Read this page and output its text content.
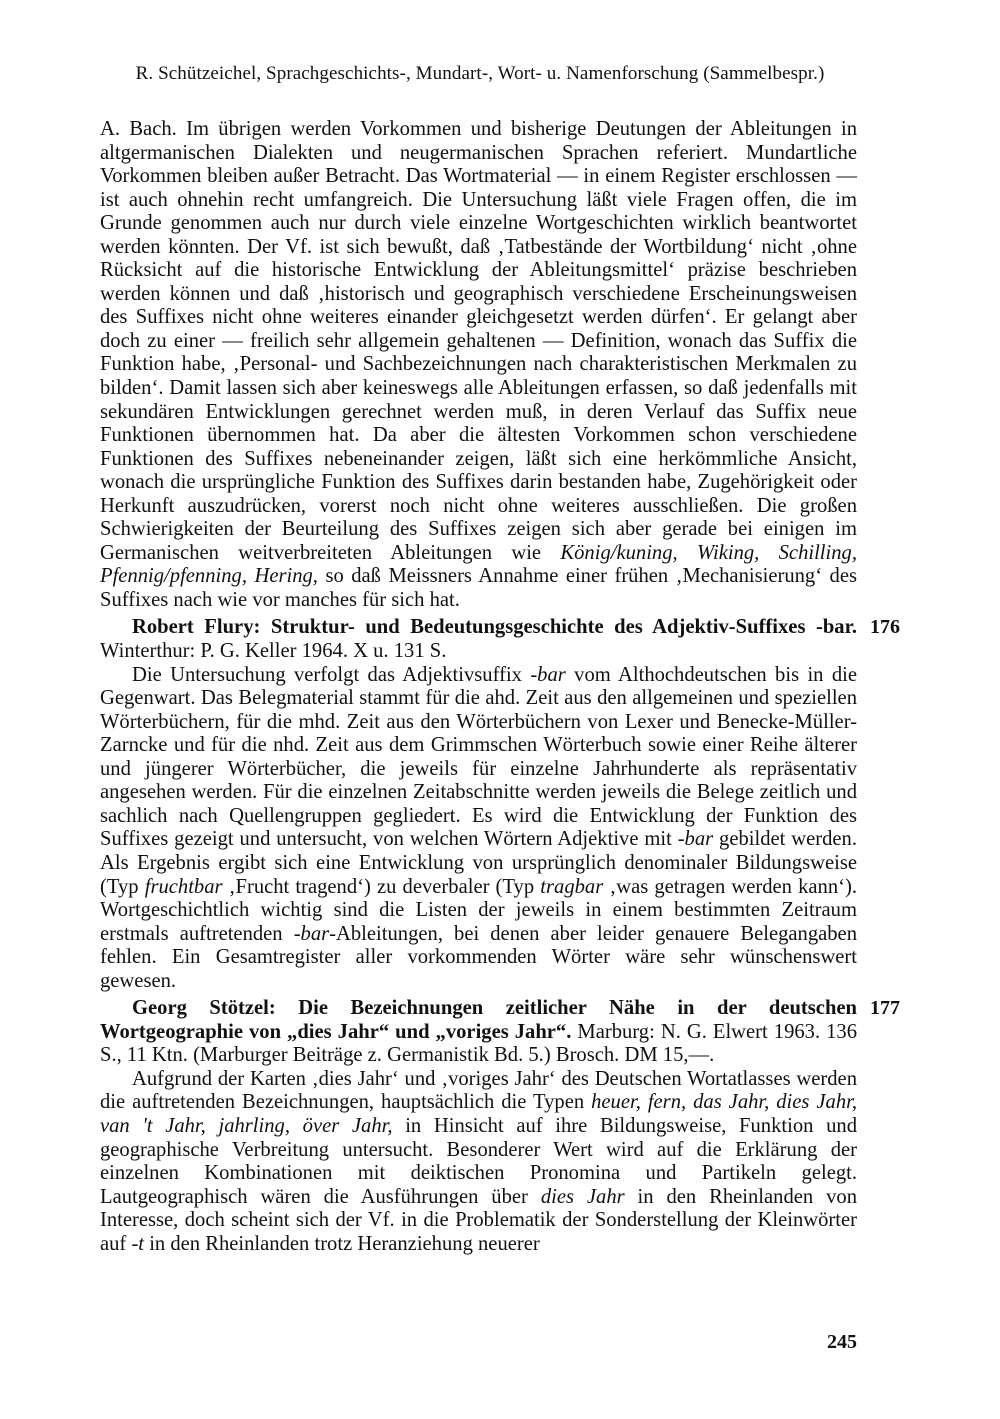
R. Schützeichel, Sprachgeschichts-, Mundart-, Wort- u. Namenforschung (Sammelbespr.)

A. Bach. Im übrigen werden Vorkommen und bisherige Deutungen der Ableitungen in altgermanischen Dialekten und neugermanischen Sprachen referiert. Mundartliche Vorkommen bleiben außer Betracht. Das Wortmaterial — in einem Register erschlossen — ist auch ohnehin recht umfangreich. Die Untersuchung läßt viele Fragen offen, die im Grunde genommen auch nur durch viele einzelne Wortgeschichten wirklich beantwortet werden könnten. Der Vf. ist sich bewußt, daß ‚Tatbestände der Wortbildung‘ nicht ‚ohne Rücksicht auf die historische Entwicklung der Ableitungsmittel‘ präzise beschrieben werden können und daß ‚historisch und geographisch verschiedene Erscheinungsweisen des Suffixes nicht ohne weiteres einander gleichgesetzt werden dürfen‘. Er gelangt aber doch zu einer — freilich sehr allgemein gehaltenen — Definition, wonach das Suffix die Funktion habe, ‚Personal- und Sachbezeichnungen nach charakteristischen Merkmalen zu bilden‘. Damit lassen sich aber keineswegs alle Ableitungen erfassen, so daß jedenfalls mit sekundären Entwicklungen gerechnet werden muß, in deren Verlauf das Suffix neue Funktionen übernommen hat. Da aber die ältesten Vorkommen schon verschiedene Funktionen des Suffixes nebeneinander zeigen, läßt sich eine herkömmliche Ansicht, wonach die ursprüngliche Funktion des Suffixes darin bestanden habe, Zugehörigkeit oder Herkunft auszudrücken, vorerst noch nicht ohne weiteres ausschließen. Die großen Schwierigkeiten der Beurteilung des Suffixes zeigen sich aber gerade bei einigen im Germanischen weitverbreiteten Ableitungen wie König/kuning, Wiking, Schilling, Pfennig/pfenning, Hering, so daß Meissners Annahme einer frühen ‚Mechanisierung‘ des Suffixes nach wie vor manches für sich hat.

176

Robert Flury: Struktur- und Bedeutungsgeschichte des Adjektiv-Suffixes -bar. Winterthur: P. G. Keller 1964. X u. 131 S.

Die Untersuchung verfolgt das Adjektivsuffix -bar vom Althochdeutschen bis in die Gegenwart. Das Belegmaterial stammt für die ahd. Zeit aus den allgemeinen und speziellen Wörterbüchern, für die mhd. Zeit aus den Wörterbüchern von Lexer und Benecke-Müller-Zarncke und für die nhd. Zeit aus dem Grimmschen Wörterbuch sowie einer Reihe älterer und jüngerer Wörterbücher, die jeweils für einzelne Jahrhunderte als repräsentativ angesehen werden. Für die einzelnen Zeitabschnitte werden jeweils die Belege zeitlich und sachlich nach Quellengruppen gegliedert. Es wird die Entwicklung der Funktion des Suffixes gezeigt und untersucht, von welchen Wörtern Adjektive mit -bar gebildet werden. Als Ergebnis ergibt sich eine Entwicklung von ursprünglich denominaler Bildungsweise (Typ fruchtbar ‚Frucht tragend‘) zu deverbaler (Typ tragbar ‚was getragen werden kann‘). Wortgeschichtlich wichtig sind die Listen der jeweils in einem bestimmten Zeitraum erstmals auftretenden -bar-Ableitungen, bei denen aber leider genauere Belegangaben fehlen. Ein Gesamtregister aller vorkommenden Wörter wäre sehr wünschenswert gewesen.

177

Georg Stötzel: Die Bezeichnungen zeitlicher Nähe in der deutschen Wortgeographie von „dies Jahr“ und „voriges Jahr“. Marburg: N. G. Elwert 1963. 136 S., 11 Ktn. (Marburger Beiträge z. Germanistik Bd. 5.) Brosch. DM 15,—.

Aufgrund der Karten ‚dies Jahr‘ und ‚voriges Jahr‘ des Deutschen Wortatlasses werden die auftretenden Bezeichnungen, hauptsächlich die Typen heuer, fern, das Jahr, dies Jahr, van 't Jahr, jahrling, över Jahr, in Hinsicht auf ihre Bildungsweise, Funktion und geographische Verbreitung untersucht. Besonderer Wert wird auf die Erklärung der einzelnen Kombinationen mit deiktischen Pronomina und Partikeln gelegt. Lautgeographisch wären die Ausführungen über dies Jahr in den Rheinlanden von Interesse, doch scheint sich der Vf. in die Problematik der Sonderstellung der Kleinwörter auf -t in den Rheinlanden trotz Heranziehung neuerer

245
